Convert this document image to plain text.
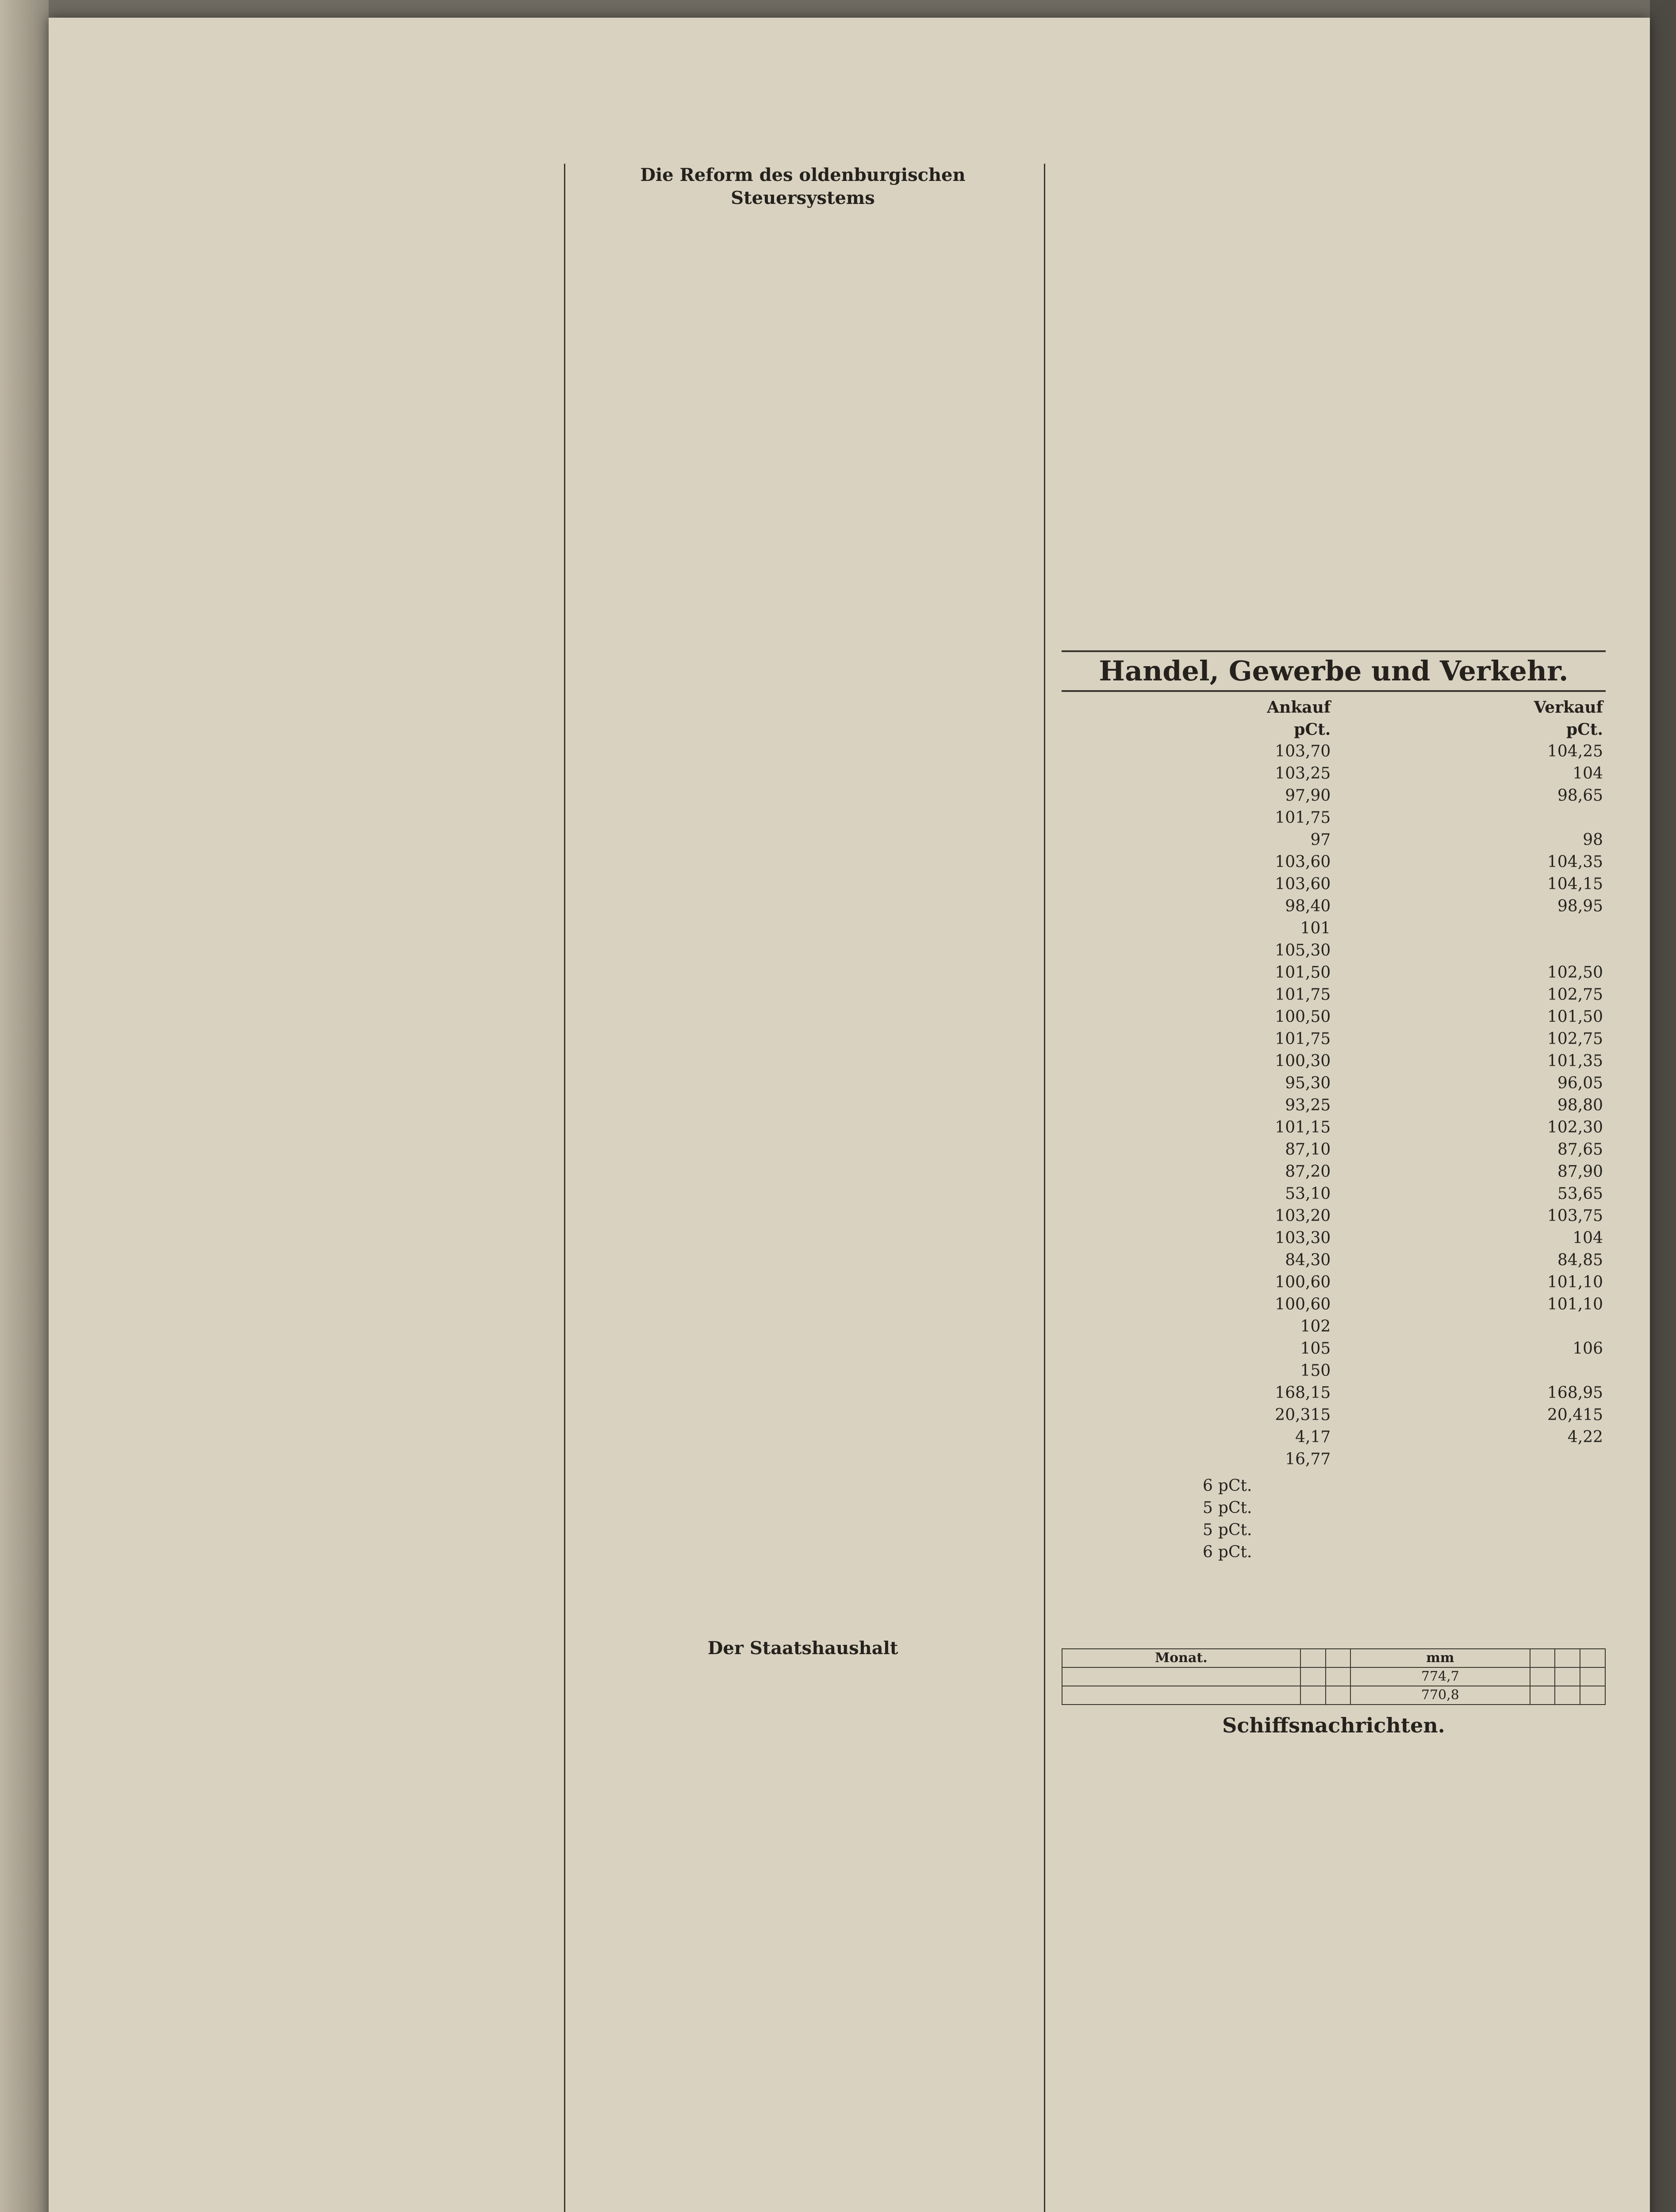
Die Reform des oldenburgischen Steuersystems
Der Staatshaushalt
Handel, Gewerbe und Verkehr.
	Ankauf	Verkauf
	pCt.	pCt.
	103,70	104,25
	103,25	104
	97,90	98,65
	101,75	
	97	98

	103,60	104,35
	103,60	104,15
	98,40	98,95
	101	
	105,30	
	101,50	102,50
	101,75	102,75
	100,50	101,50
	101,75	102,75
	100,30	101,35
	95,30	96,05

	93,25	98,80
	101,15	102,30
	87,10	87,65

	87,20	87,90
	53,10	53,65

	103,20	103,75
	103,30	104
	84,30	84,85

	100,60	101,10

	100,60	101,10
	102	
	105	106

	150	
	168,15	168,95
	20,315	20,415
	4,17	4,22
	16,77	
6	pCt.
5	pCt.
5	pCt.
6	pCt.
Monat.			mm			
			774,7			
			770,8			
Schiffsnachrichten.
